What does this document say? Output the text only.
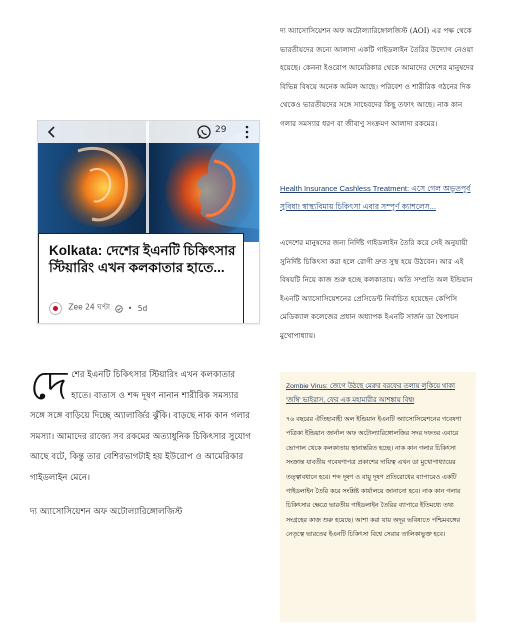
29
Kolkata: দেশের ইএনটি চিকিৎসার স্টিয়ারিং এখন কলকাতার হাতে...
Zee 24 ঘণ্টা • 5d

দে শের ইএনটি চিকিৎসার স্টিয়ারিং এখন কলকাতার হাতে। বাতাস ও শব্দ দূষণ নানান শারীরিক সমস্যার সঙ্গে সঙ্গে বাড়িয়ে দিচ্ছে অ্যালার্জির ঝুঁকি। বাড়ছে নাক কান গলার সমস্যা। আমাদের রাজ্যে সব রকমের অত্যাধুনিক চিকিৎসার সুযোগ আছে বটে, কিন্তু তার বেশিরভাগটাই হয় ইউরোপ ও আমেরিকার গাইডলাইন মেনে।

দ্য অ্যাসোসিয়েশন অফ অটোল্যারিঙ্গোলজিস্ট

দ্য অ্যাসোসিয়েশন অফ অটোল্যারিঙ্গোলজিস্ট (AOI) এর পক্ষ থেকে ভারতীয়দের জন্যে আলাদা একটি গাইডলাইন তৈরির উদ্যোগ নেওয়া হয়েছে। কেননা ইওরোপ আমেরিকার থেকে আমাদের দেশের মানুষদের বিভিন্ন বিষয়ে অনেক অমিল আছে। পরিবেশ ও শারীরিক গঠনের দিক থেকেও ভারতীয়দের সঙ্গে সাহেবদের কিছু তফাৎ আছে। নাক কান গলার সমস্যার ধরণ বা জীবাণু সংক্রমণ আলাদা রকমের।

Health Insurance Cashless Treatment: এসে গেল অভূতপূর্ব সুবিধা! স্বাস্থ্যবিমায় চিকিৎসা এবার সম্পূর্ণ ক্যাশলেস...

এদেশের মানুষদের জন্য নির্দিষ্ট গাইডলাইন তৈরি করে সেই অনুযায়ী সুনির্দিষ্ট চিকিৎসা করা হলে রোগী দ্রুত সুস্থ হয়ে উঠবেন। আর এই বিষয়টি নিয়ে কাজ শুরু হচ্ছে কলকাতায়। অতি সম্প্রতি অল ইন্ডিয়ান ইএনটি অ্যাসোসিয়েশনের প্রেসিডেন্ট নির্বাচিত হয়েছেন কেপিসি মেডিক্যাল কলেজের প্রধান অধ্যাপক ইএনটি সার্জন ডা দ্বৈপায়ন মুখোপাধ্যায়।

Zombie Virus: জেগে উঠছে মেরুর বরফের তলায় লুকিয়ে থাকা 'জম্বি' ভাইরাস, ফের এক মহামারীর আশঙ্কায় বিশ্ব!

৭৬ বছরের ঐতিহ্যবাহী অল ইন্ডিয়ান ইএনটি অ্যাসোসিয়েশনের গবেষণা পত্রিকা ইন্ডিয়ান জার্নাল অফ অটোল্যারিঙ্গোলজির সদর দফতর এবারে ভোপাল থেকে কলকাতায় স্থানান্তরিত হচ্ছে। নাক কান গলার চিকিৎসা সংক্রান্ত যাবতীয় গবেষণাপত্র প্রকাশের দায়িত্ব এখন ডা মুখোপাধ্যায়ের তত্ত্বাবধানে হবে। শব্দ দূষণ ও বায়ু দূষণ প্রতিরোধের ব্যাপারেও একটি গাইডলাইন তৈরি করে সংশ্লিষ্ট কার্যালয়ে জানানো হবে। নাক কান গলার চিকিৎসার ক্ষেত্রে ভারতীয় গাইডলাইন তৈরির ব্যাপারে ইতিমধ্যে তথ্য সংগ্রহের কাজ শুরু হয়েছে। আশা করা যায় অদূর ভবিষ্যতে পশ্চিমবঙ্গের নেতৃত্বে ভারতের ইএনটি চিকিৎসা বিশ্বে সেরার তালিকাভুক্ত হবে।
